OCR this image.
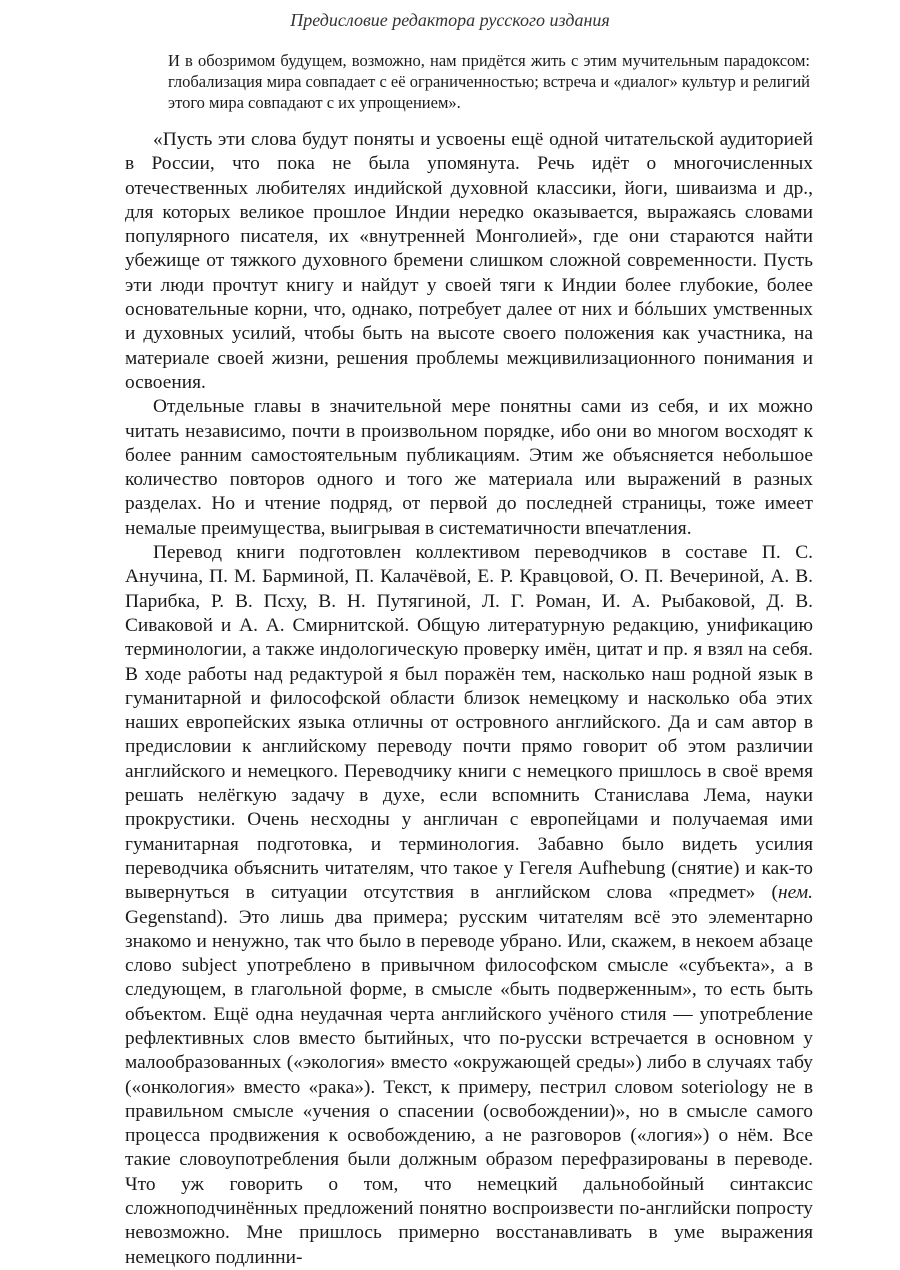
Предисловие редактора русского издания

И в обозримом будущем, возможно, нам придётся жить с этим мучительным парадоксом: глобализация мира совпадает с её ограниченностью; встреча и «диалог» культур и религий этого мира совпадают с их упрощением».

«Пусть эти слова будут поняты и усвоены ещё одной читательской аудиторией в России, что пока не была упомянута. Речь идёт о многочисленных отечественных любителях индийской духовной классики, йоги, шиваизма и др., для которых великое прошлое Индии нередко оказывается, выражаясь словами популярного писателя, их «внутренней Монголией», где они стараются найти убежище от тяжкого духовного бремени слишком сложной современности. Пусть эти люди прочтут книгу и найдут у своей тяги к Индии более глубокие, более основательные корни, что, однако, потребует далее от них и бóльших умственных и духовных усилий, чтобы быть на высоте своего положения как участника, на материале своей жизни, решения проблемы межцивилизационного понимания и освоения.

Отдельные главы в значительной мере понятны сами из себя, и их можно читать независимо, почти в произвольном порядке, ибо они во многом восходят к более ранним самостоятельным публикациям. Этим же объясняется небольшое количество повторов одного и того же материала или выражений в разных разделах. Но и чтение подряд, от первой до последней страницы, тоже имеет немалые преимущества, выигрывая в систематичности впечатления.

Перевод книги подготовлен коллективом переводчиков в составе П. С. Анучина, П. М. Барминой, П. Калачёвой, Е. Р. Кравцовой, О. П. Вечериной, А. В. Парибка, Р. В. Псху, В. Н. Путягиной, Л. Г. Роман, И. А. Рыбаковой, Д. В. Сиваковой и А. А. Смирнитской. Общую литературную редакцию, унификацию терминологии, а также индологическую проверку имён, цитат и пр. я взял на себя. В ходе работы над редактурой я был поражён тем, насколько наш родной язык в гуманитарной и философской области близок немецкому и насколько оба этих наших европейских языка отличны от островного английского. Да и сам автор в предисловии к английскому переводу почти прямо говорит об этом различии английского и немецкого. Переводчику книги с немецкого пришлось в своё время решать нелёгкую задачу в духе, если вспомнить Станислава Лема, науки прокрустики. Очень несходны у англичан с европейцами и получаемая ими гуманитарная подготовка, и терминология. Забавно было видеть усилия переводчика объяснить читателям, что такое у Гегеля Aufhebung (снятие) и как-то вывернуться в ситуации отсутствия в английском слова «предмет» (нем. Gegenstand). Это лишь два примера; русским читателям всё это элементарно знакомо и ненужно, так что было в переводе убрано. Или, скажем, в некоем абзаце слово subject употреблено в привычном философском смысле «субъекта», а в следующем, в глагольной форме, в смысле «быть подверженным», то есть быть объектом. Ещё одна неудачная черта английского учёного стиля — употребление рефлективных слов вместо бытийных, что по-русски встречается в основном у малообразованных («экология» вместо «окружающей среды») либо в случаях табу («онкология» вместо «рака»). Текст, к примеру, пестрил словом soteriology не в правильном смысле «учения о спасении (освобождении)», но в смысле самого процесса продвижения к освобождению, а не разговоров («логия») о нём. Все такие словоупотребления были должным образом перефразированы в переводе. Что уж говорить о том, что немецкий дальнобойный синтаксис сложноподчинённых предложений понятно воспроизвести по-английски попросту невозможно. Мне пришлось примерно восстанавливать в уме выражения немецкого подлинни-
